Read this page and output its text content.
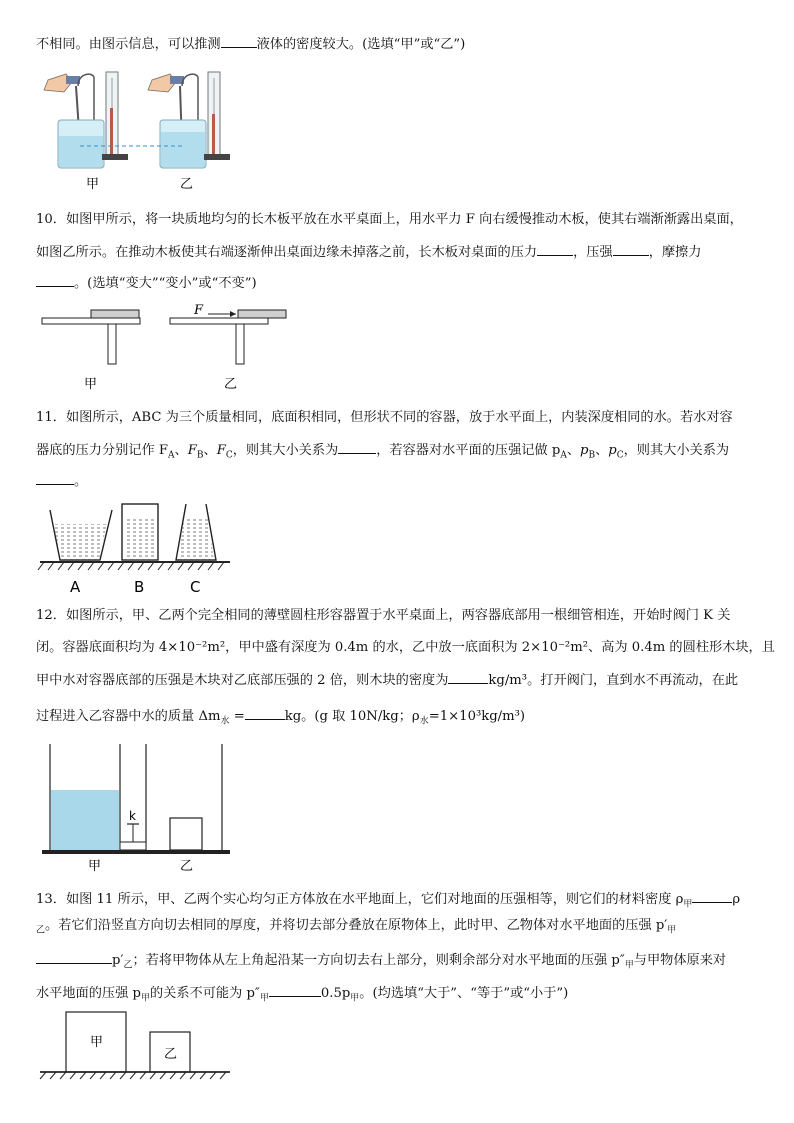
不相同。由图示信息，可以推测	液体的密度较大。(选填“甲”或“乙”)
甲	乙
10．如图甲所示，将一块质地均匀的长木板平放在水平桌面上，用水平力 F 向右缓慢推动木板，使其右端渐渐露出桌面，
如图乙所示。在推动木板使其右端逐渐伸出桌面边缘未掉落之前，长木板对桌面的压力	，压强	，摩擦力
。(选填“变大”“变小”或“不变”)
F
甲	乙
11．如图所示，ABC 为三个质量相同，底面积相同，但形状不同的容器，放于水平面上，内装深度相同的水。若水对容
器底的压力分别记作 $F_A$、$F_B$、$F_C$，则其大小关系为	，若容器对水平面的压强记做 $p_A$、$p_B$、$p_C$，则其大小关系为
。
A	B	C
12．如图所示，甲、乙两个完全相同的薄壁圆柱形容器置于水平桌面上，两容器底部用一根细管相连，开始时阀门 K 关
闭。容器底面积均为 4×10⁻²m²，甲中盛有深度为 0.4m 的水，乙中放一底面积为 2×10⁻²m²、高为 0.4m 的圆柱形木块，且
甲中水对容器底部的压强是木块对乙底部压强的 2 倍，则木块的密度为	kg/m³。打开阀门，直到水不再流动，在此
过程进入乙容器中水的质量 $\Delta m_水$ =	kg。(g 取 10N/kg；$\rho_水=1\times 10^3kg/m^3$)
k
甲	乙
13．如图 11 所示，甲、乙两个实心均匀正方体放在水平地面上，它们对地面的压强相等，则它们的材料密度 $\rho_甲$	ρ
$_乙$。若它们沿竖直方向切去相同的厚度，并将切去部分叠放在原物体上，此时甲、乙物体对水平地面的压强 $p'_甲$
$p'_乙$；若将甲物体从左上角起沿某一方向切去右上部分，则剩余部分对水平地面的压强 $p''_甲$与甲物体原来对
水平地面的压强 $p_甲$的关系不可能为 $p''_甲$	$0.5p_甲$。(均选填“大于”、“等于”或“小于”)
甲
乙
